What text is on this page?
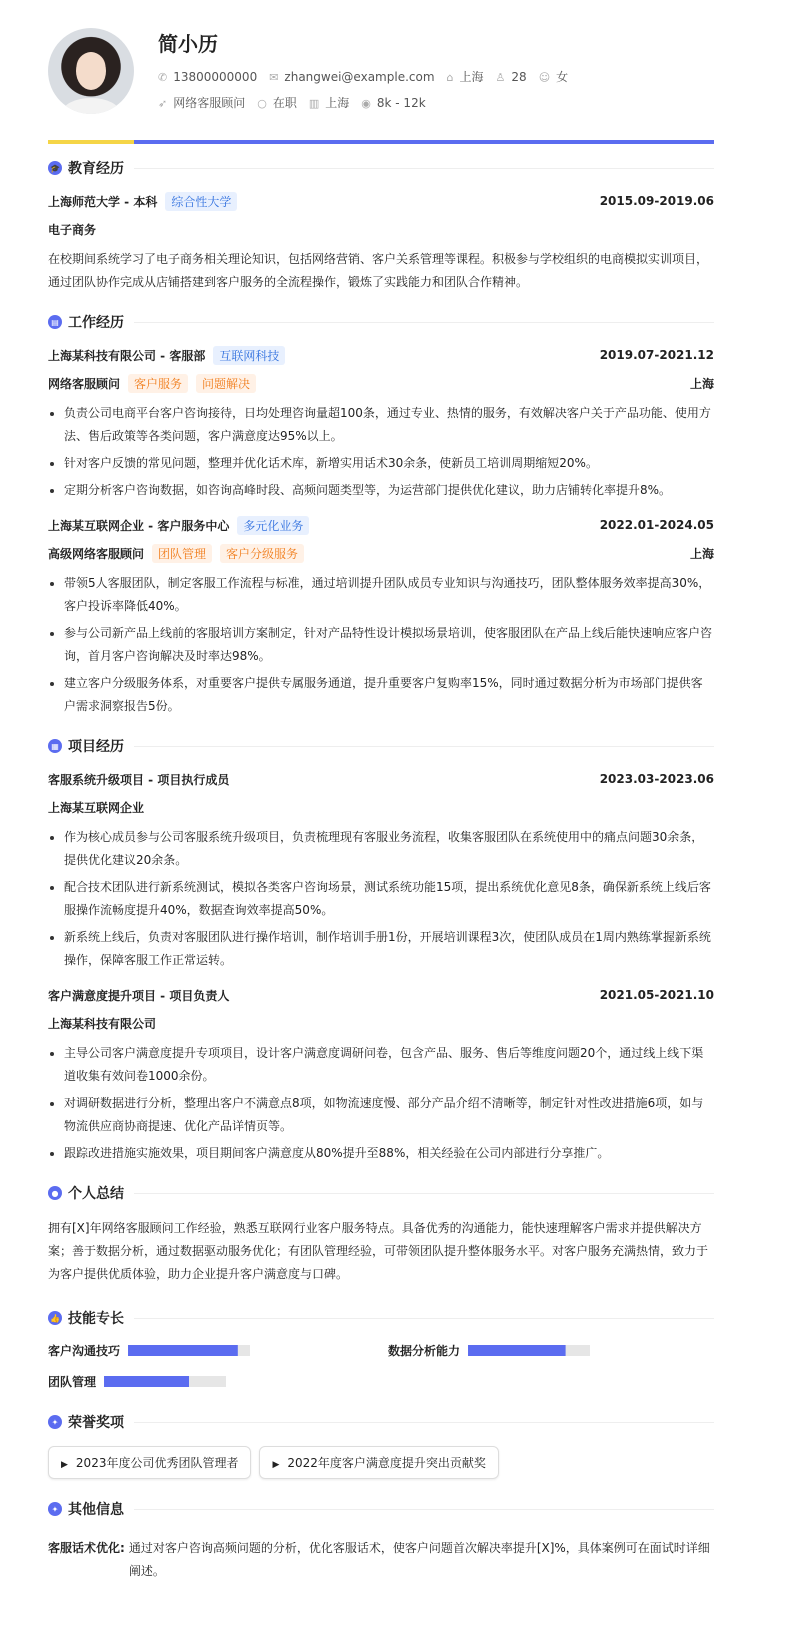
简小历
✆ 13800000000 ✉ zhangwei@example.com ⌂ 上海 ♙ 28 ☺ 女
➶ 网络客服顾问 ○ 在职 ▥ 上海 ◉ 8k - 12k
🎓 教育经历
上海师范大学 - 本科	综合性大学	2015.09-2019.06
电子商务
在校期间系统学习了电子商务相关理论知识，包括网络营销、客户关系管理等课程。积极参与学校组织的电商模拟实训项目，通过团队协作完成从店铺搭建到客户服务的全流程操作，锻炼了实践能力和团队合作精神。
▤ 工作经历
上海某科技有限公司 - 客服部	互联网科技	2019.07-2021.12
网络客服顾问	客户服务	问题解决	上海
负责公司电商平台客户咨询接待，日均处理咨询量超100条，通过专业、热情的服务，有效解决客户关于产品功能、使用方法、售后政策等各类问题，客户满意度达95%以上。
针对客户反馈的常见问题，整理并优化话术库，新增实用话术30余条，使新员工培训周期缩短20%。
定期分析客户咨询数据，如咨询高峰时段、高频问题类型等，为运营部门提供优化建议，助力店铺转化率提升8%。
上海某互联网企业 - 客户服务中心	多元化业务	2022.01-2024.05
高级网络客服顾问	团队管理	客户分级服务	上海
带领5人客服团队，制定客服工作流程与标准，通过培训提升团队成员专业知识与沟通技巧，团队整体服务效率提高30%，客户投诉率降低40%。
参与公司新产品上线前的客服培训方案制定，针对产品特性设计模拟场景培训，使客服团队在产品上线后能快速响应客户咨询，首月客户咨询解决及时率达98%。
建立客户分级服务体系，对重要客户提供专属服务通道，提升重要客户复购率15%，同时通过数据分析为市场部门提供客户需求洞察报告5份。
▦ 项目经历
客服系统升级项目 - 项目执行成员	2023.03-2023.06
上海某互联网企业
作为核心成员参与公司客服系统升级项目，负责梳理现有客服业务流程，收集客服团队在系统使用中的痛点问题30余条，提供优化建议20余条。
配合技术团队进行新系统测试，模拟各类客户咨询场景，测试系统功能15项，提出系统优化意见8条，确保新系统上线后客服操作流畅度提升40%，数据查询效率提高50%。
新系统上线后，负责对客服团队进行操作培训，制作培训手册1份，开展培训课程3次，使团队成员在1周内熟练掌握新系统操作，保障客服工作正常运转。
客户满意度提升项目 - 项目负责人	2021.05-2021.10
上海某科技有限公司
主导公司客户满意度提升专项项目，设计客户满意度调研问卷，包含产品、服务、售后等维度问题20个，通过线上线下渠道收集有效问卷1000余份。
对调研数据进行分析，整理出客户不满意点8项，如物流速度慢、部分产品介绍不清晰等，制定针对性改进措施6项，如与物流供应商协商提速、优化产品详情页等。
跟踪改进措施实施效果，项目期间客户满意度从80%提升至88%，相关经验在公司内部进行分享推广。
● 个人总结
拥有[X]年网络客服顾问工作经验，熟悉互联网行业客户服务特点。具备优秀的沟通能力，能快速理解客户需求并提供解决方案；善于数据分析，通过数据驱动服务优化；有团队管理经验，可带领团队提升整体服务水平。对客户服务充满热情，致力于为客户提供优质体验，助力企业提升客户满意度与口碑。
👍 技能专长
客户沟通技巧	数据分析能力
团队管理
✦ 荣誉奖项
▶ 2023年度公司优秀团队管理者	▶ 2022年度客户满意度提升突出贡献奖
✦ 其他信息
客服话术优化: 通过对客户咨询高频问题的分析，优化客服话术，使客户问题首次解决率提升[X]%，具体案例可在面试时详细阐述。
